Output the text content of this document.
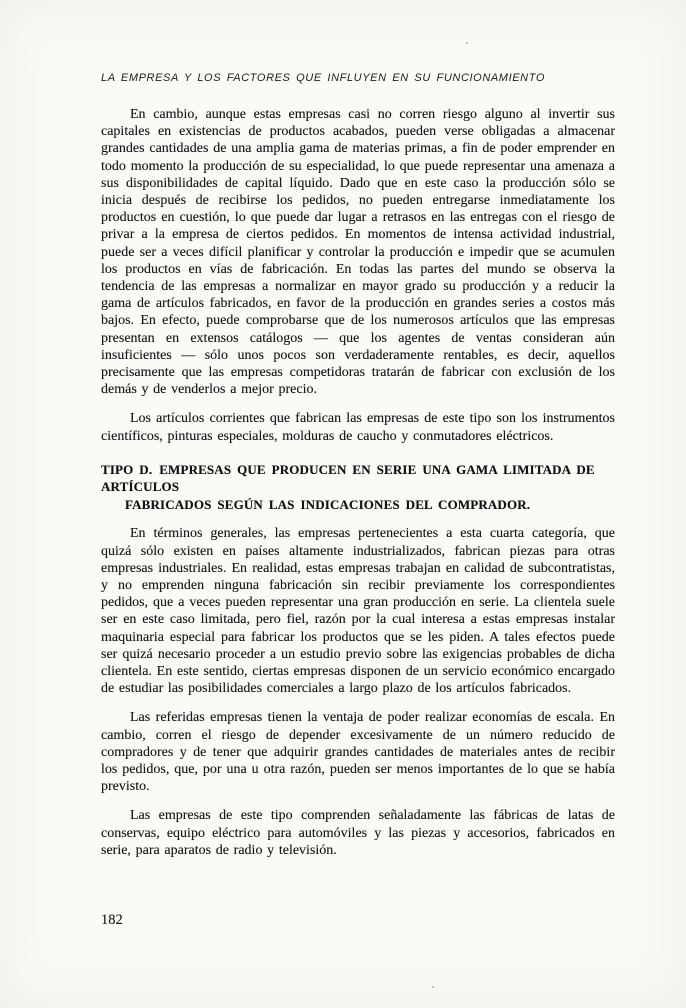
LA EMPRESA Y LOS FACTORES QUE INFLUYEN EN SU FUNCIONAMIENTO

En cambio, aunque estas empresas casi no corren riesgo alguno al invertir sus capitales en existencias de productos acabados, pueden verse obligadas a almacenar grandes cantidades de una amplia gama de materias primas, a fin de poder emprender en todo momento la producción de su especialidad, lo que puede representar una amenaza a sus disponibilidades de capital líquido. Dado que en este caso la producción sólo se inicia después de recibirse los pedidos, no pueden entregarse inmediatamente los productos en cuestión, lo que puede dar lugar a retrasos en las entregas con el riesgo de privar a la empresa de ciertos pedidos. En momentos de intensa actividad industrial, puede ser a veces difícil planificar y controlar la producción e impedir que se acumulen los productos en vías de fabricación. En todas las partes del mundo se observa la tendencia de las empresas a normalizar en mayor grado su producción y a reducir la gama de artículos fabricados, en favor de la producción en grandes series a costos más bajos. En efecto, puede comprobarse que de los numerosos artículos que las empresas presentan en extensos catálogos — que los agentes de ventas consideran aún insuficientes — sólo unos pocos son verdaderamente rentables, es decir, aquellos precisamente que las empresas competidoras tratarán de fabricar con exclusión de los demás y de venderlos a mejor precio.

Los artículos corrientes que fabrican las empresas de este tipo son los instrumentos científicos, pinturas especiales, molduras de caucho y conmutadores eléctricos.

TIPO D. EMPRESAS QUE PRODUCEN EN SERIE UNA GAMA LIMITADA DE ARTÍCULOS
FABRICADOS SEGÚN LAS INDICACIONES DEL COMPRADOR.

En términos generales, las empresas pertenecientes a esta cuarta categoría, que quizá sólo existen en países altamente industrializados, fabrican piezas para otras empresas industriales. En realidad, estas empresas trabajan en calidad de subcontratistas, y no emprenden ninguna fabricación sin recibir previamente los correspondientes pedidos, que a veces pueden representar una gran producción en serie. La clientela suele ser en este caso limitada, pero fiel, razón por la cual interesa a estas empresas instalar maquinaria especial para fabricar los productos que se les piden. A tales efectos puede ser quizá necesario proceder a un estudio previo sobre las exigencias probables de dicha clientela. En este sentido, ciertas empresas disponen de un servicio económico encargado de estudiar las posibilidades comerciales a largo plazo de los artículos fabricados.

Las referidas empresas tienen la ventaja de poder realizar economías de escala. En cambio, corren el riesgo de depender excesivamente de un número reducido de compradores y de tener que adquirir grandes cantidades de materiales antes de recibir los pedidos, que, por una u otra razón, pueden ser menos importantes de lo que se había previsto.

Las empresas de este tipo comprenden señaladamente las fábricas de latas de conservas, equipo eléctrico para automóviles y las piezas y accesorios, fabricados en serie, para aparatos de radio y televisión.

182
